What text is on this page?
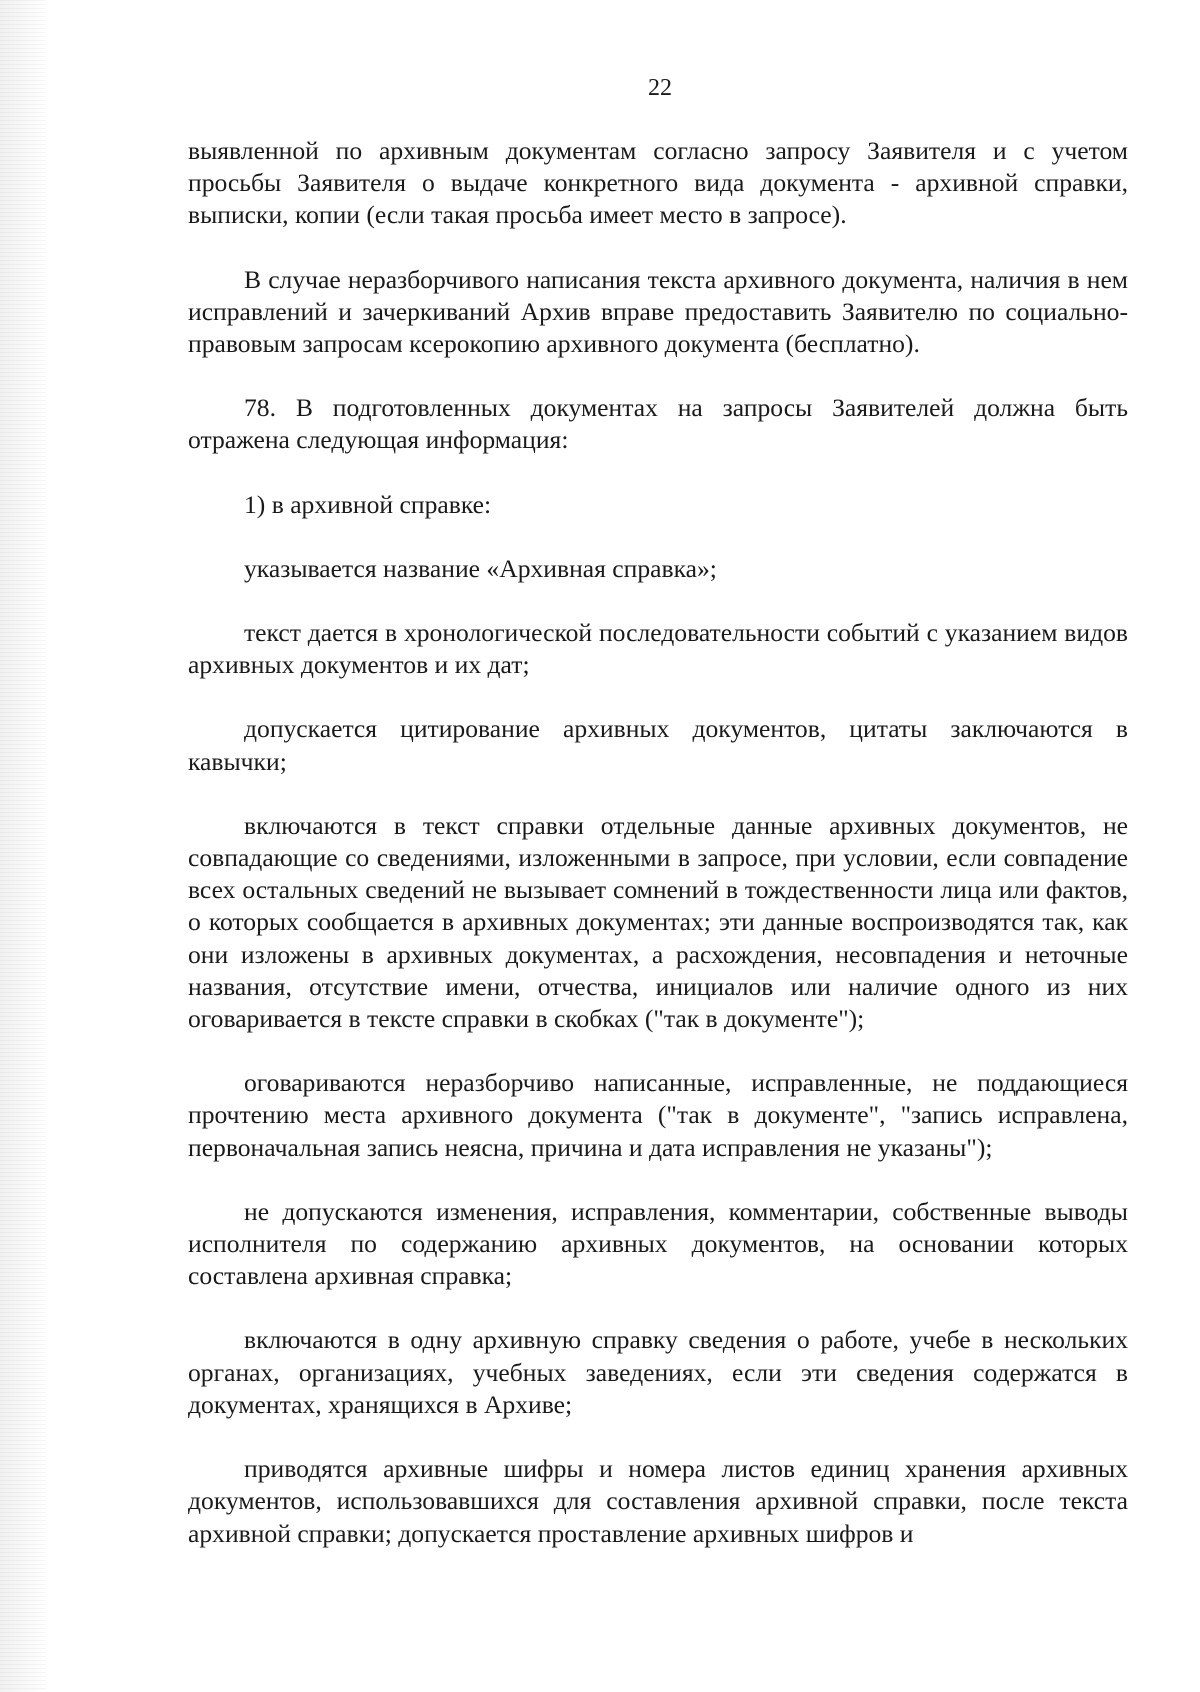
22

выявленной по архивным документам согласно запросу Заявителя и с учетом просьбы Заявителя о выдаче конкретного вида документа - архивной справки, выписки, копии (если такая просьба имеет место в запросе).

В случае неразборчивого написания текста архивного документа, наличия в нем исправлений и зачеркиваний Архив вправе предоставить Заявителю по социально-правовым запросам ксерокопию архивного документа (бесплатно).

78. В подготовленных документах на запросы Заявителей должна быть отражена следующая информация:

1) в архивной справке:

указывается название «Архивная справка»;

текст дается в хронологической последовательности событий с указанием видов архивных документов и их дат;

допускается цитирование архивных документов, цитаты заключаются в кавычки;

включаются в текст справки отдельные данные архивных документов, не совпадающие со сведениями, изложенными в запросе, при условии, если совпадение всех остальных сведений не вызывает сомнений в тождественности лица или фактов, о которых сообщается в архивных документах; эти данные воспроизводятся так, как они изложены в архивных документах, а расхождения, несовпадения и неточные названия, отсутствие имени, отчества, инициалов или наличие одного из них оговаривается в тексте справки в скобках ("так в документе");

оговариваются неразборчиво написанные, исправленные, не поддающиеся прочтению места архивного документа ("так в документе", "запись исправлена, первоначальная запись неясна, причина и дата исправления не указаны");

не допускаются изменения, исправления, комментарии, собственные выводы исполнителя по содержанию архивных документов, на основании которых составлена архивная справка;

включаются в одну архивную справку сведения о работе, учебе в нескольких органах, организациях, учебных заведениях, если эти сведения содержатся в документах, хранящихся в Архиве;

приводятся архивные шифры и номера листов единиц хранения архивных документов, использовавшихся для составления архивной справки, после текста архивной справки; допускается проставление архивных шифров и
